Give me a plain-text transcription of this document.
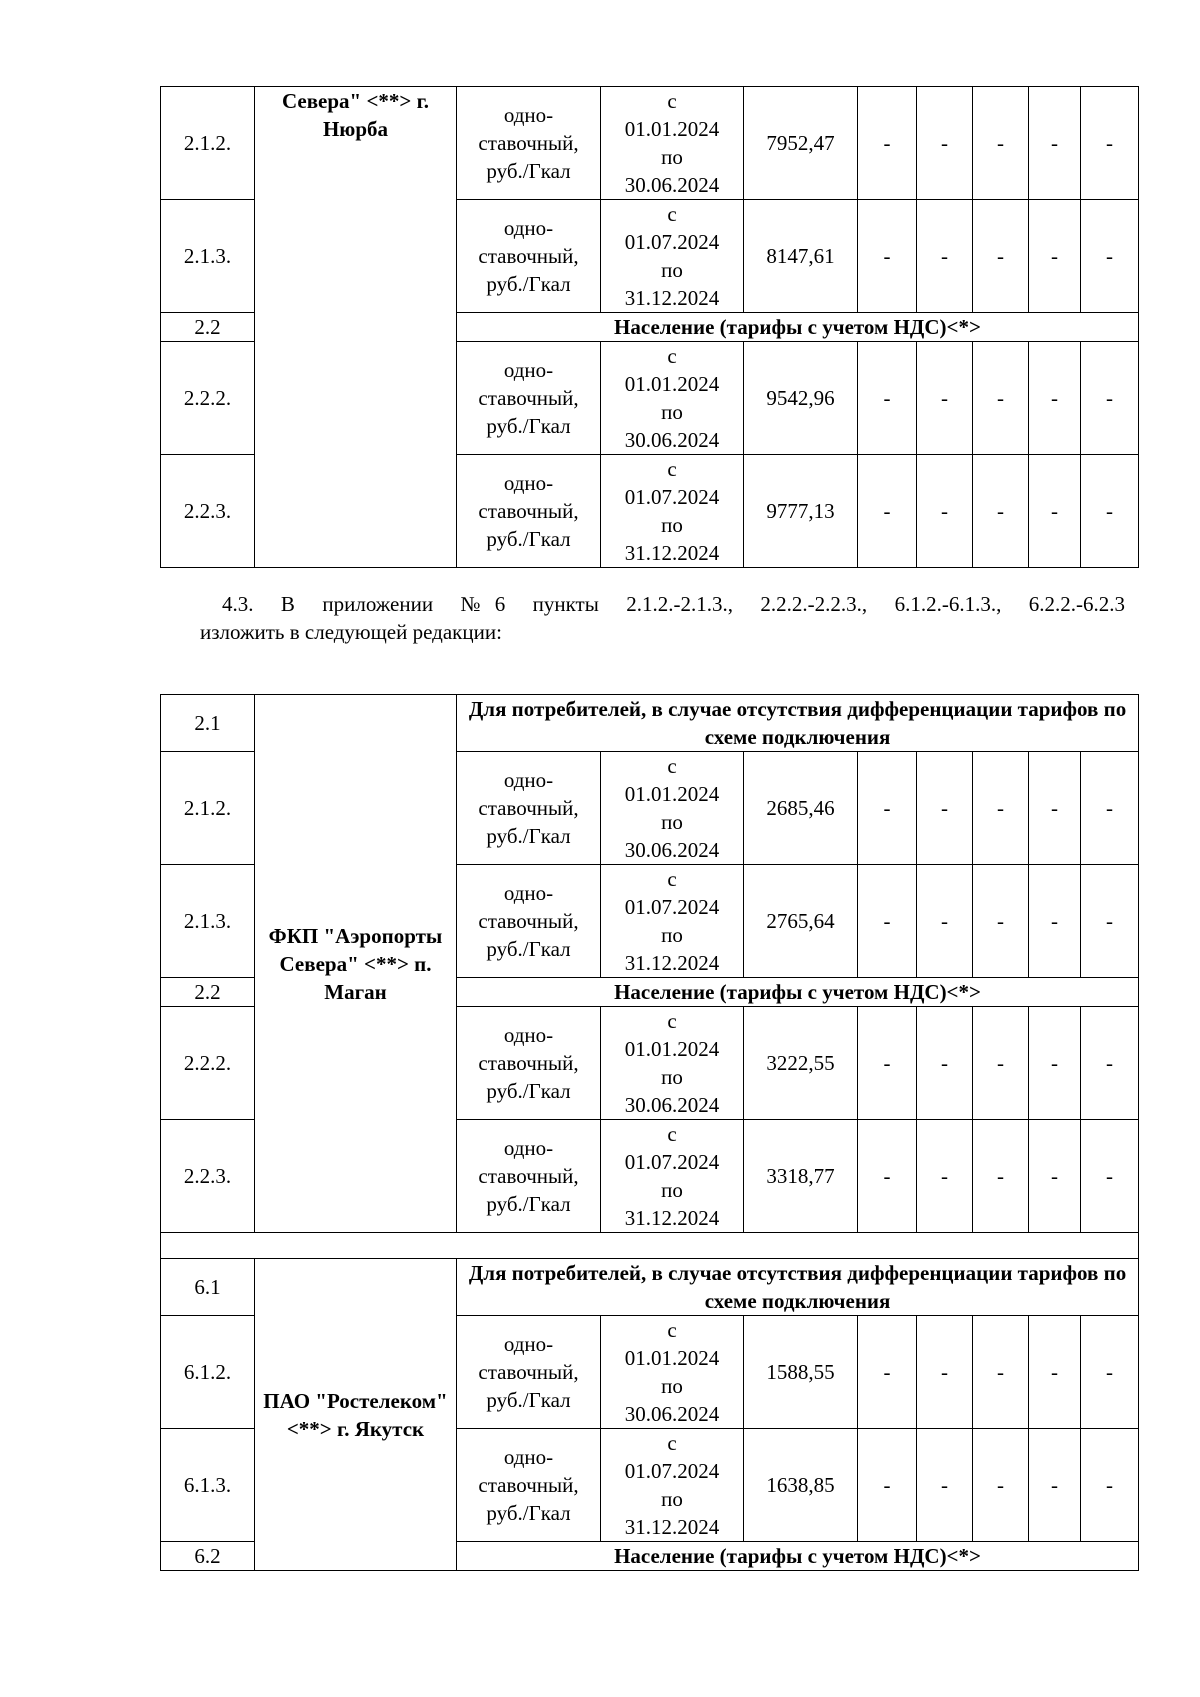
2.1.2.	Севера" <**> г. Нюрба	одно-
ставочный,
руб./Гкал	с
01.01.2024
по
30.06.2024	7952,47	-	-	-	-	-
2.1.3.		одно-
ставочный,
руб./Гкал	с
01.07.2024
по
31.12.2024	8147,61	-	-	-	-	-
2.2		Население (тарифы с учетом НДС)<*>							
2.2.2.		одно-
ставочный,
руб./Гкал	с
01.01.2024
по
30.06.2024	9542,96	-	-	-	-	-
2.2.3.		одно-
ставочный,
руб./Гкал	с
01.07.2024
по
31.12.2024	9777,13	-	-	-	-	-
4.3. В приложении №6 пункты 2.1.2.-2.1.3., 2.2.2.-2.2.3., 6.1.2.-6.1.3., 6.2.2.-6.2.3
изложить в следующей редакции:
2.1	ФКП "Аэропорты Севера" <**> п. Маган	Для потребителей, в случае отсутствия дифференциации тарифов по схеме подключения							
2.1.2.		одно-
ставочный,
руб./Гкал	с
01.01.2024
по
30.06.2024	2685,46	-	-	-	-	-
2.1.3.		одно-
ставочный,
руб./Гкал	с
01.07.2024
по
31.12.2024	2765,64	-	-	-	-	-
2.2		Население (тарифы с учетом НДС)<*>							
2.2.2.		одно-
ставочный,
руб./Гкал	с
01.01.2024
по
30.06.2024	3222,55	-	-	-	-	-
2.2.3.		одно-
ставочный,
руб./Гкал	с
01.07.2024
по
31.12.2024	3318,77	-	-	-	-	-

6.1	ПАО "Ростелеком" <**> г. Якутск	Для потребителей, в случае отсутствия дифференциации тарифов по схеме подключения							
6.1.2.		одно-
ставочный,
руб./Гкал	с
01.01.2024
по
30.06.2024	1588,55	-	-	-	-	-
6.1.3.		одно-
ставочный,
руб./Гкал	с
01.07.2024
по
31.12.2024	1638,85	-	-	-	-	-
6.2		Население (тарифы с учетом НДС)<*>							
